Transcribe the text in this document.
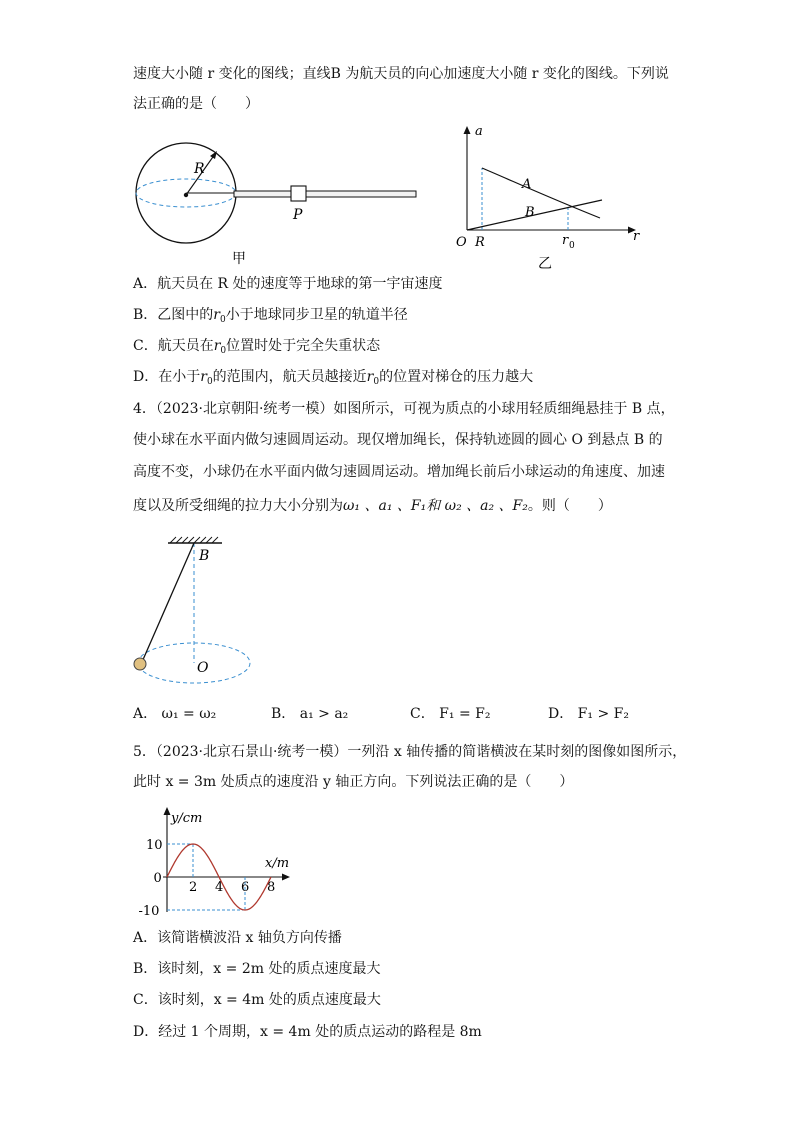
速度大小随 r 变化的图线；直线B 为航天员的向心加速度大小随 r 变化的图线。下列说
法正确的是（　　）
R
P
甲
a
r
A
B
O R	r 0
乙
A．航天员在 R 处的速度等于地球的第一宇宙速度
B．乙图中的$r_0$小于地球同步卫星的轨道半径
C．航天员在$r_0$位置时处于完全失重状态
D．在小于$r_0$的范围内，航天员越接近$r_0$的位置对梯仓的压力越大
4．（2023·北京朝阳·统考一模）如图所示，可视为质点的小球用轻质细绳悬挂于 B 点，
使小球在水平面内做匀速圆周运动。现仅增加绳长，保持轨迹圆的圆心 O 到悬点 B 的
高度不变，小球仍在水平面内做匀速圆周运动。增加绳长前后小球运动的角速度、加速
度以及所受细绳的拉力大小分别为ω₁ 、a₁ 、F₁和 ω₂ 、a₂ 、F₂。则（　　）
B
O
A． ω₁ = ω₂	B． a₁ > a₂	C． F₁ = F₂	D． F₁ > F₂
5．（2023·北京石景山·统考一模）一列沿 x 轴传播的简谐横波在某时刻的图像如图所示，
此时 x = 3m 处质点的速度沿 y 轴正方向。下列说法正确的是（　　）
y/cm
x/m
2 4 6 8
10
0
-10
A．该简谐横波沿 x 轴负方向传播
B．该时刻，x = 2m 处的质点速度最大
C．该时刻，x = 4m 处的质点速度最大
D．经过 1 个周期，x = 4m 处的质点运动的路程是 8m
